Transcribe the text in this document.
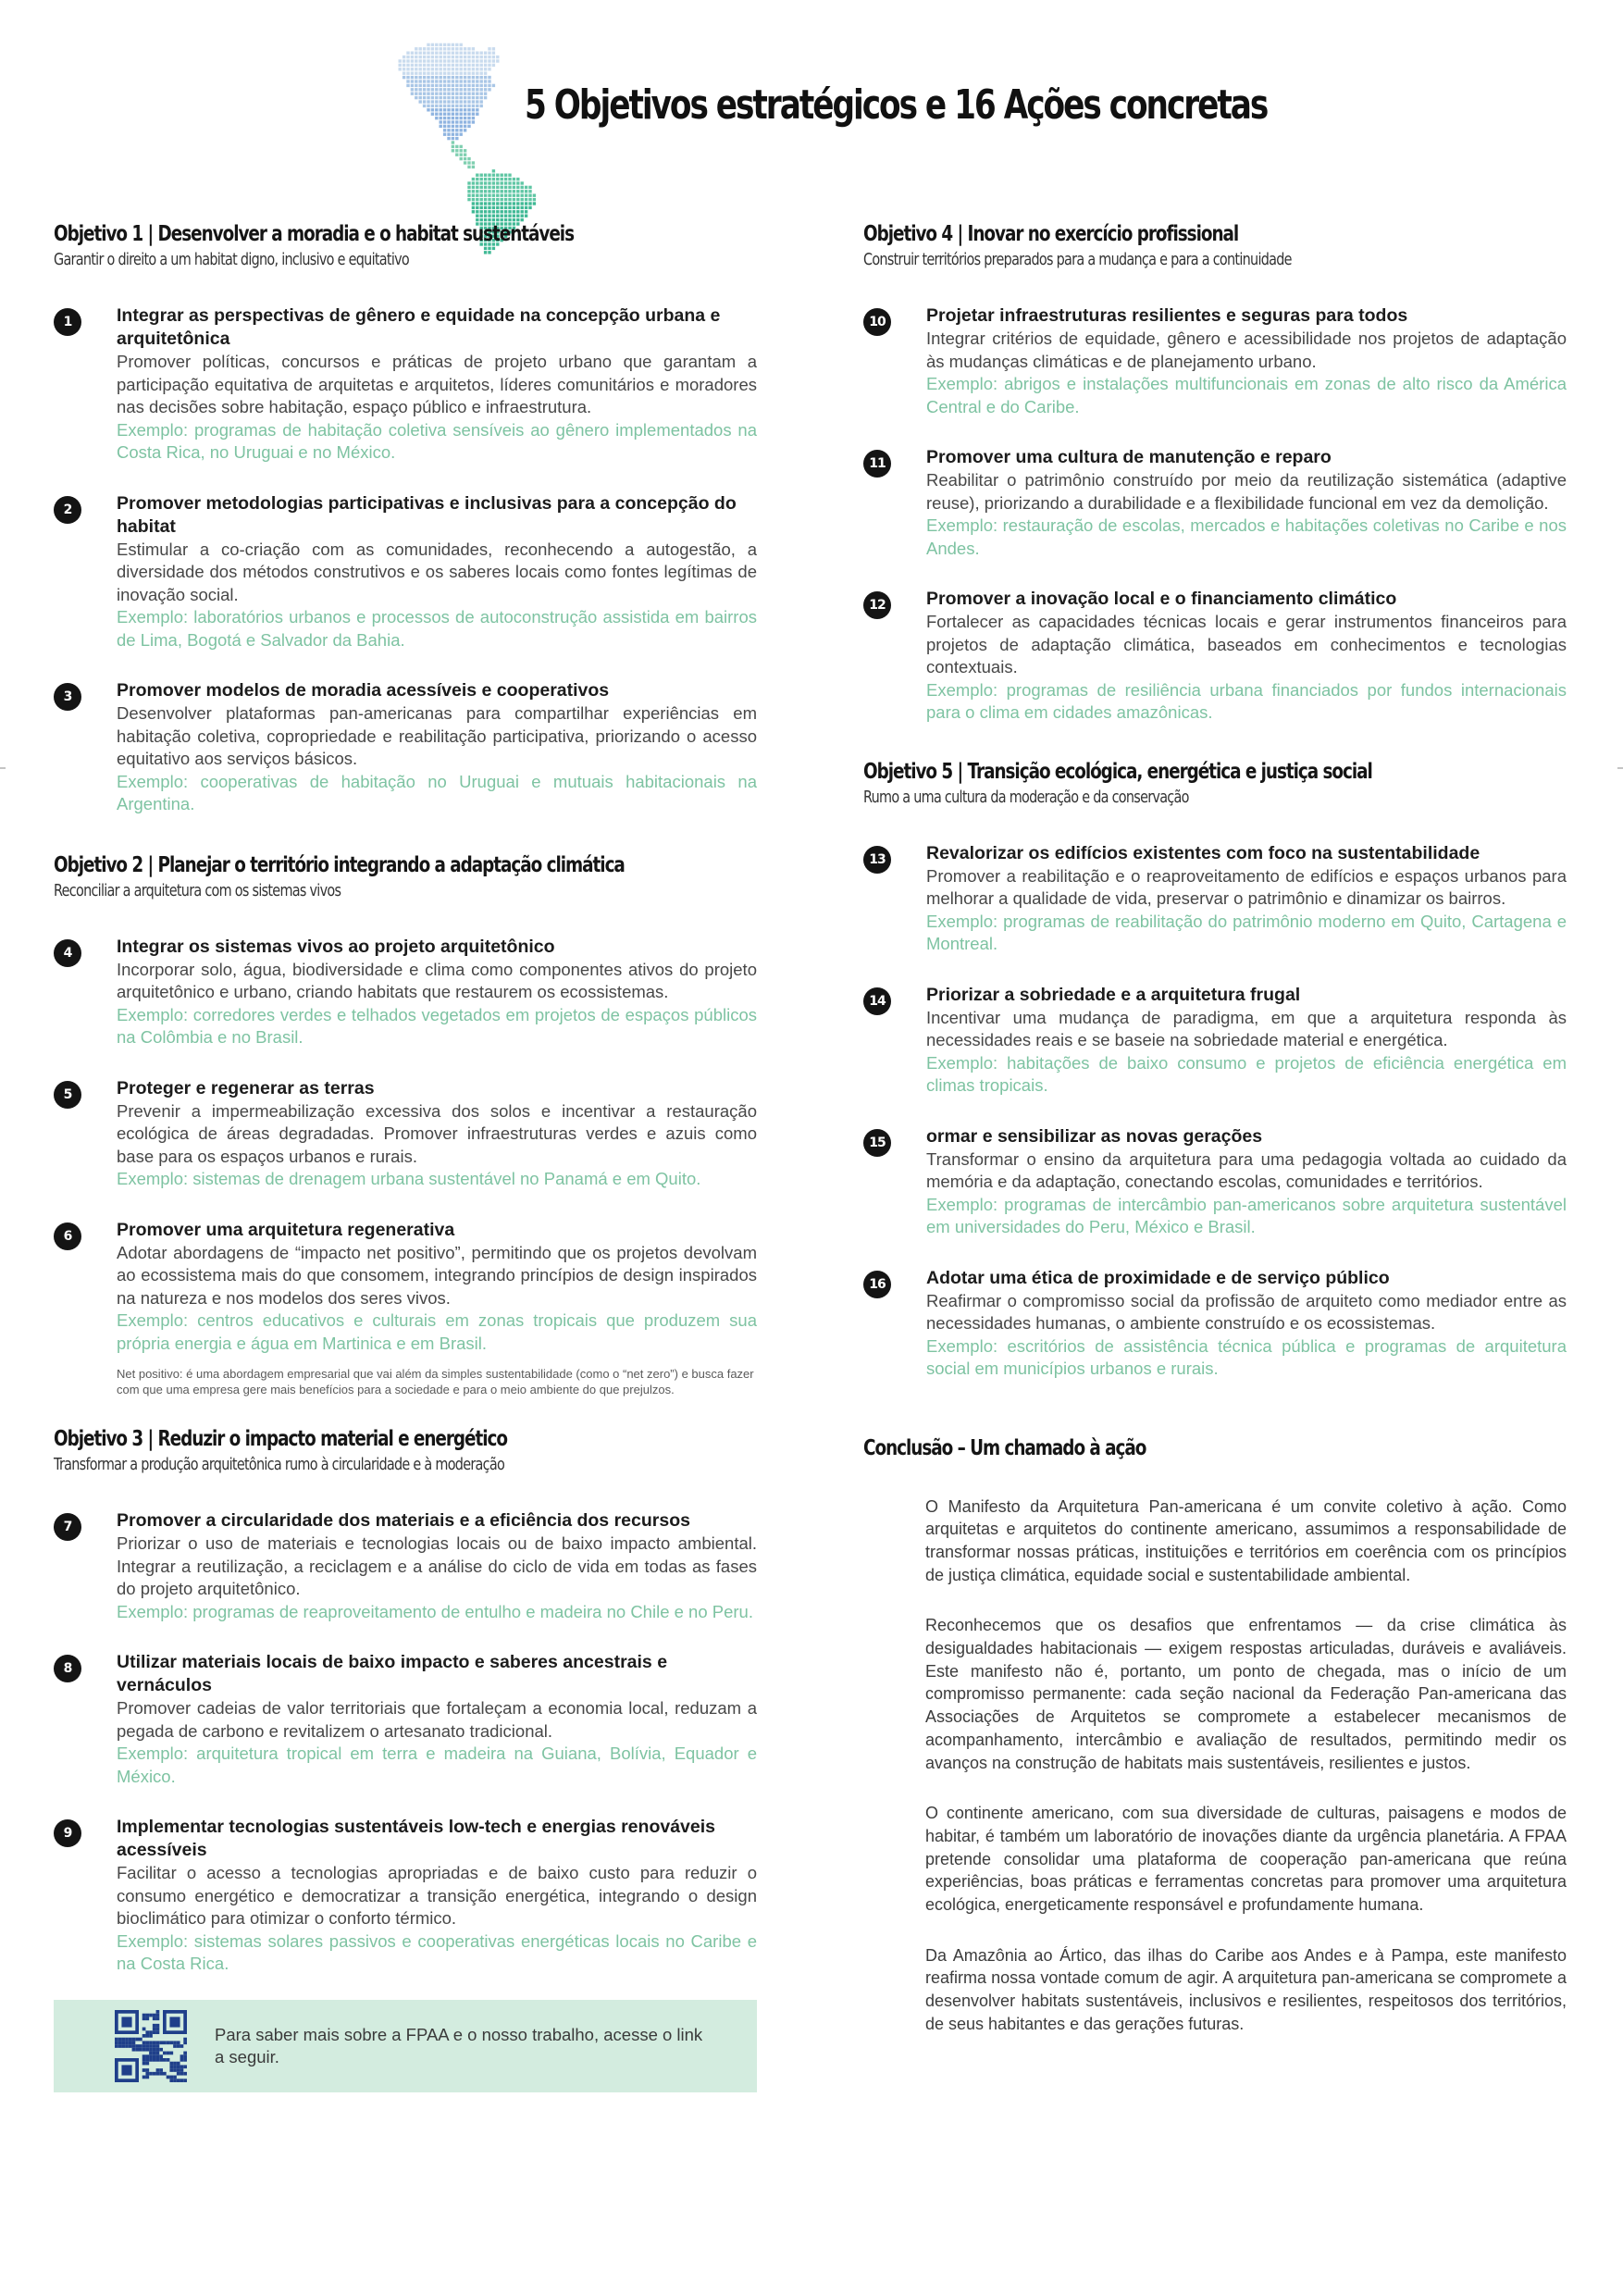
5 Objetivos estratégicos e 16 Ações concretas
Objetivo 1 | Desenvolver a moradia e o habitat sustentáveis
Garantir o direito a um habitat digno, inclusivo e equitativo
1	Integrar as perspectivas de gênero e equidade na concepção urbana e arquitetônica
Promover políticas, concursos e práticas de projeto urbano que garantam a participação equitativa de arquitetas e arquitetos, líderes comunitários e moradores nas decisões sobre habitação, espaço público e infraestrutura.
Exemplo: programas de habitação coletiva sensíveis ao gênero implementados na Costa Rica, no Uruguai e no México.
2	Promover metodologias participativas e inclusivas para a concepção do habitat
Estimular a co-criação com as comunidades, reconhecendo a autogestão, a diversidade dos métodos construtivos e os saberes locais como fontes legítimas de inovação social.
Exemplo: laboratórios urbanos e processos de autoconstrução assistida em bairros de Lima, Bogotá e Salvador da Bahia.
3	Promover modelos de moradia acessíveis e cooperativos
Desenvolver plataformas pan-americanas para compartilhar experiências em habitação coletiva, copropriedade e reabilitação participativa, priorizando o acesso equitativo aos serviços básicos.
Exemplo: cooperativas de habitação no Uruguai e mutuais habitacionais na Argentina.
Objetivo 2 | Planejar o território integrando a adaptação climática
Reconciliar a arquitetura com os sistemas vivos
4	Integrar os sistemas vivos ao projeto arquitetônico
Incorporar solo, água, biodiversidade e clima como componentes ativos do projeto arquitetônico e urbano, criando habitats que restaurem os ecossistemas.
Exemplo: corredores verdes e telhados vegetados em projetos de espaços públicos na Colômbia e no Brasil.
5	Proteger e regenerar as terras
Prevenir a impermeabilização excessiva dos solos e incentivar a restauração ecológica de áreas degradadas. Promover infraestruturas verdes e azuis como base para os espaços urbanos e rurais.
Exemplo: sistemas de drenagem urbana sustentável no Panamá e em Quito.
6	Promover uma arquitetura regenerativa
Adotar abordagens de “impacto net positivo”, permitindo que os projetos devolvam ao ecossistema mais do que consomem, integrando princípios de design inspirados na natureza e nos modelos dos seres vivos.
Exemplo: centros educativos e culturais em zonas tropicais que produzem sua própria energia e água em Martinica e em Brasil.
Net positivo: é uma abordagem empresarial que vai além da simples sustentabilidade (como o “net zero”) e busca fazer com que uma empresa gere mais benefícios para a sociedade e para o meio ambiente do que prejulzos.
Objetivo 3 | Reduzir o impacto material e energético
Transformar a produção arquitetônica rumo à circularidade e à moderação
7	Promover a circularidade dos materiais e a eficiência dos recursos
Priorizar o uso de materiais e tecnologias locais ou de baixo impacto ambiental. Integrar a reutilização, a reciclagem e a análise do ciclo de vida em todas as fases do projeto arquitetônico.
Exemplo: programas de reaproveitamento de entulho e madeira no Chile e no Peru.
8	Utilizar materiais locais de baixo impacto e saberes ancestrais e vernáculos
Promover cadeias de valor territoriais que fortaleçam a economia local, reduzam a pegada de carbono e revitalizem o artesanato tradicional.
Exemplo: arquitetura tropical em terra e madeira na Guiana, Bolívia, Equador e México.
9	Implementar tecnologias sustentáveis low-tech e energias renováveis acessíveis
Facilitar o acesso a tecnologias apropriadas e de baixo custo para reduzir o consumo energético e democratizar a transição energética, integrando o design bioclimático para otimizar o conforto térmico.
Exemplo: sistemas solares passivos e cooperativas energéticas locais no Caribe e na Costa Rica.
Para saber mais sobre a FPAA e o nosso trabalho, acesse o link a seguir.
Objetivo 4 | Inovar no exercício profissional
Construir territórios preparados para a mudança e para a continuidade
10	Projetar infraestruturas resilientes e seguras para todos
Integrar critérios de equidade, gênero e acessibilidade nos projetos de adaptação às mudanças climáticas e de planejamento urbano.
Exemplo: abrigos e instalações multifuncionais em zonas de alto risco da América Central e do Caribe.
11	Promover uma cultura de manutenção e reparo
Reabilitar o patrimônio construído por meio da reutilização sistemática (adaptive reuse), priorizando a durabilidade e a flexibilidade funcional em vez da demolição.
Exemplo: restauração de escolas, mercados e habitações coletivas no Caribe e nos Andes.
12	Promover a inovação local e o financiamento climático
Fortalecer as capacidades técnicas locais e gerar instrumentos financeiros para projetos de adaptação climática, baseados em conhecimentos e tecnologias contextuais.
Exemplo: programas de resiliência urbana financiados por fundos internacionais para o clima em cidades amazônicas.
Objetivo 5 | Transição ecológica, energética e justiça social
Rumo a uma cultura da moderação e da conservação
13	Revalorizar os edifícios existentes com foco na sustentabilidade
Promover a reabilitação e o reaproveitamento de edifícios e espaços urbanos para melhorar a qualidade de vida, preservar o patrimônio e dinamizar os bairros.
Exemplo: programas de reabilitação do patrimônio moderno em Quito, Cartagena e Montreal.
14	Priorizar a sobriedade e a arquitetura frugal
Incentivar uma mudança de paradigma, em que a arquitetura responda às necessidades reais e se baseie na sobriedade material e energética.
Exemplo: habitações de baixo consumo e projetos de eficiência energética em climas tropicais.
15	ormar e sensibilizar as novas gerações
Transformar o ensino da arquitetura para uma pedagogia voltada ao cuidado da memória e da adaptação, conectando escolas, comunidades e territórios.
Exemplo: programas de intercâmbio pan-americanos sobre arquitetura sustentável em universidades do Peru, México e Brasil.
16	Adotar uma ética de proximidade e de serviço público
Reafirmar o compromisso social da profissão de arquiteto como mediador entre as necessidades humanas, o ambiente construído e os ecossistemas.
Exemplo: escritórios de assistência técnica pública e programas de arquitetura social em municípios urbanos e rurais.
Conclusão – Um chamado à ação

O Manifesto da Arquitetura Pan-americana é um convite coletivo à ação. Como arquitetas e arquitetos do continente americano, assumimos a responsabilidade de transformar nossas práticas, instituições e territórios em coerência com os princípios de justiça climática, equidade social e sustentabilidade ambiental.

Reconhecemos que os desafios que enfrentamos — da crise climática às desigualdades habitacionais — exigem respostas articuladas, duráveis e avaliáveis. Este manifesto não é, portanto, um ponto de chegada, mas o início de um compromisso permanente: cada seção nacional da Federação Pan-americana das Associações de Arquitetos se compromete a estabelecer mecanismos de acompanhamento, intercâmbio e avaliação de resultados, permitindo medir os avanços na construção de habitats mais sustentáveis, resilientes e justos.

O continente americano, com sua diversidade de culturas, paisagens e modos de habitar, é também um laboratório de inovações diante da urgência planetária. A FPAA pretende consolidar uma plataforma de cooperação pan-americana que reúna experiências, boas práticas e ferramentas concretas para promover uma arquitetura ecológica, energeticamente responsável e profundamente humana.

Da Amazônia ao Ártico, das ilhas do Caribe aos Andes e à Pampa, este manifesto reafirma nossa vontade comum de agir. A arquitetura pan-americana se compromete a desenvolver habitats sustentáveis, inclusivos e resilientes, respeitosos dos territórios, de seus habitantes e das gerações futuras.
